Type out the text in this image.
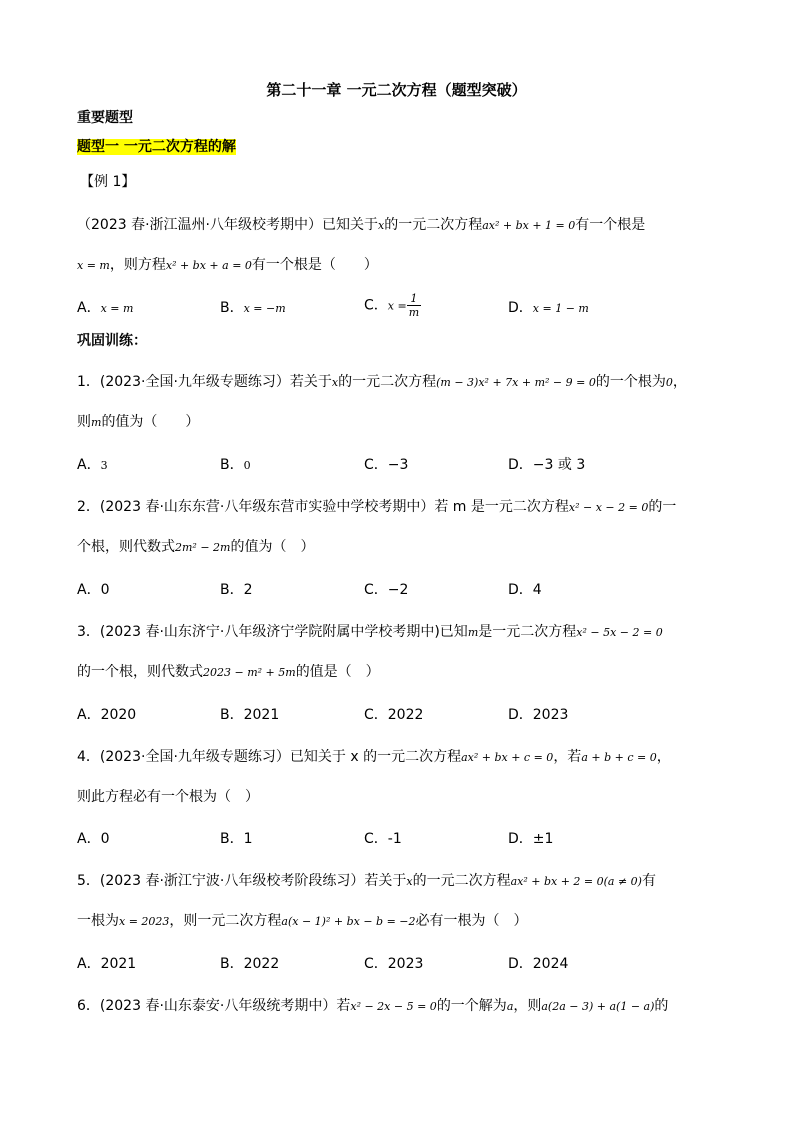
第二十一章 一元二次方程（题型突破）
重要题型
题型一 一元二次方程的解
【例 1】
（2023 春·浙江温州·八年级校考期中）已知关于x的一元二次方程ax² + bx + 1 = 0有一个根是
x = m，则方程x² + bx + a = 0有一个根是（　　）
A．x = m	B．x = −m	C．$x = \frac{1}{m}$	D．x = 1 − m
巩固训练：
1．(2023·全国·九年级专题练习）若关于x的一元二次方程(m − 3)x² + 7x + m² − 9 = 0的一个根为0，
则m的值为（　　）
A．3	B．0	C．−3	D．−3 或 3
2．(2023 春·山东东营·八年级东营市实验中学校考期中）若 m 是一元二次方程x² − x − 2 = 0的一
个根，则代数式2m² − 2m的值为（　）
A．0	B．2	C．−2	D．4
3．(2023 春·山东济宁·八年级济宁学院附属中学校考期中)已知m是一元二次方程x² − 5x − 2 = 0
的一个根，则代数式2023 − m² + 5m的值是（　）
A．2020	B．2021	C．2022	D．2023
4．(2023·全国·九年级专题练习）已知关于 x 的一元二次方程ax² + bx + c = 0，若a + b + c = 0，
则此方程必有一个根为（　）
A．0	B．1	C．-1	D．±1
5．(2023 春·浙江宁波·八年级校考阶段练习）若关于x的一元二次方程ax² + bx + 2 = 0(a ≠ 0)有
一根为x = 2023，则一元二次方程a(x − 1)² + bx − b = −2必有一根为（　）
A．2021	B．2022	C．2023	D．2024
6．(2023 春·山东泰安·八年级统考期中）若x² − 2x − 5 = 0的一个解为a，则a(2a − 3) + a(1 − a)的
